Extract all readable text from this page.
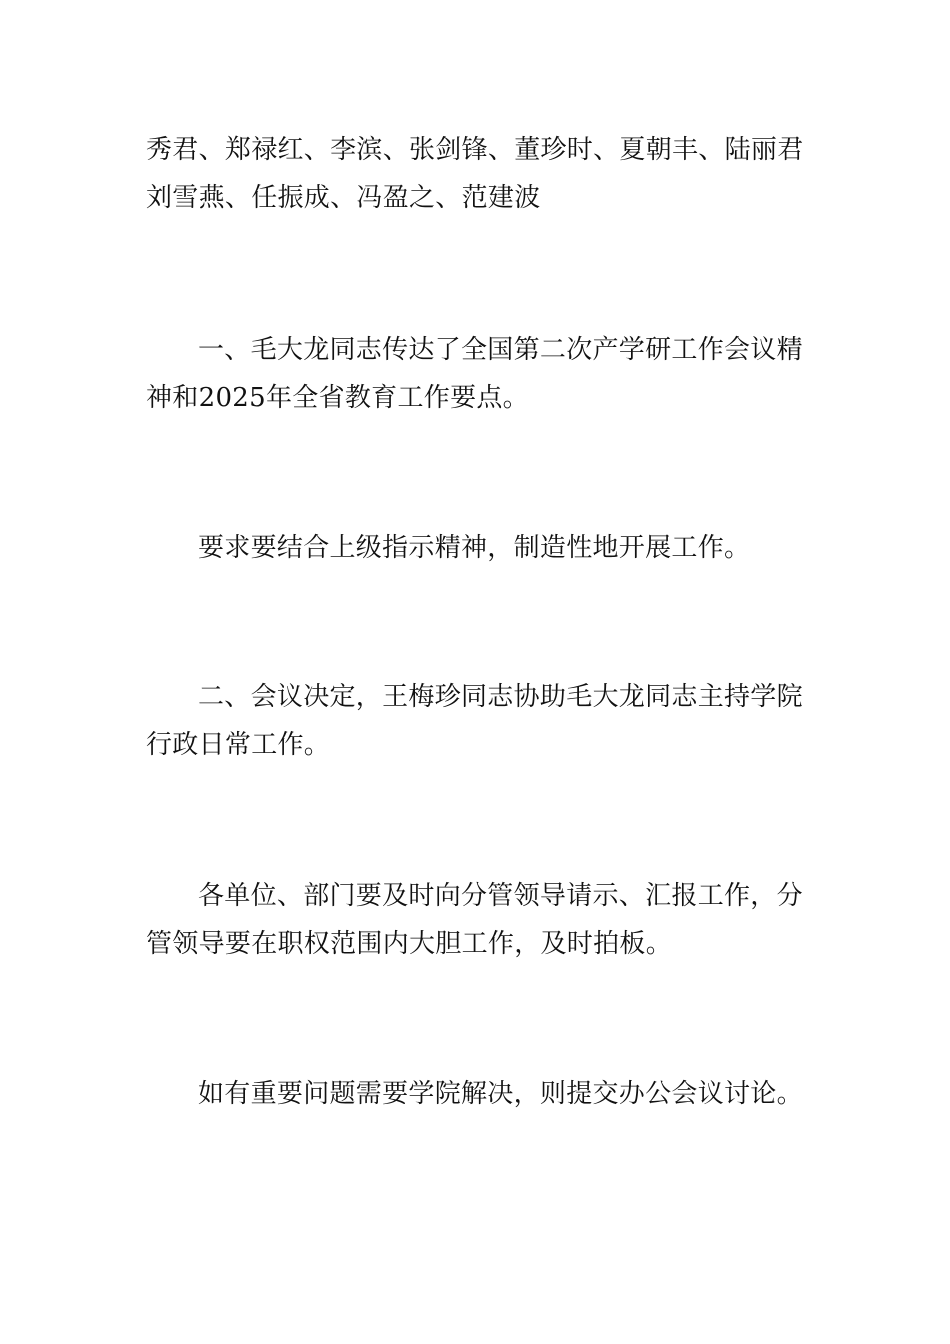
秀君、郑禄红、李滨、张剑锋、董珍时、夏朝丰、陆丽君
刘雪燕、任振成、冯盈之、范建波
一、毛大龙同志传达了全国第二次产学研工作会议精
神和2025年全省教育工作要点。
要求要结合上级指示精神，制造性地开展工作。
二、会议决定，王梅珍同志协助毛大龙同志主持学院
行政日常工作。
各单位、部门要及时向分管领导请示、汇报工作，分
管领导要在职权范围内大胆工作，及时拍板。
如有重要问题需要学院解决，则提交办公会议讨论。
